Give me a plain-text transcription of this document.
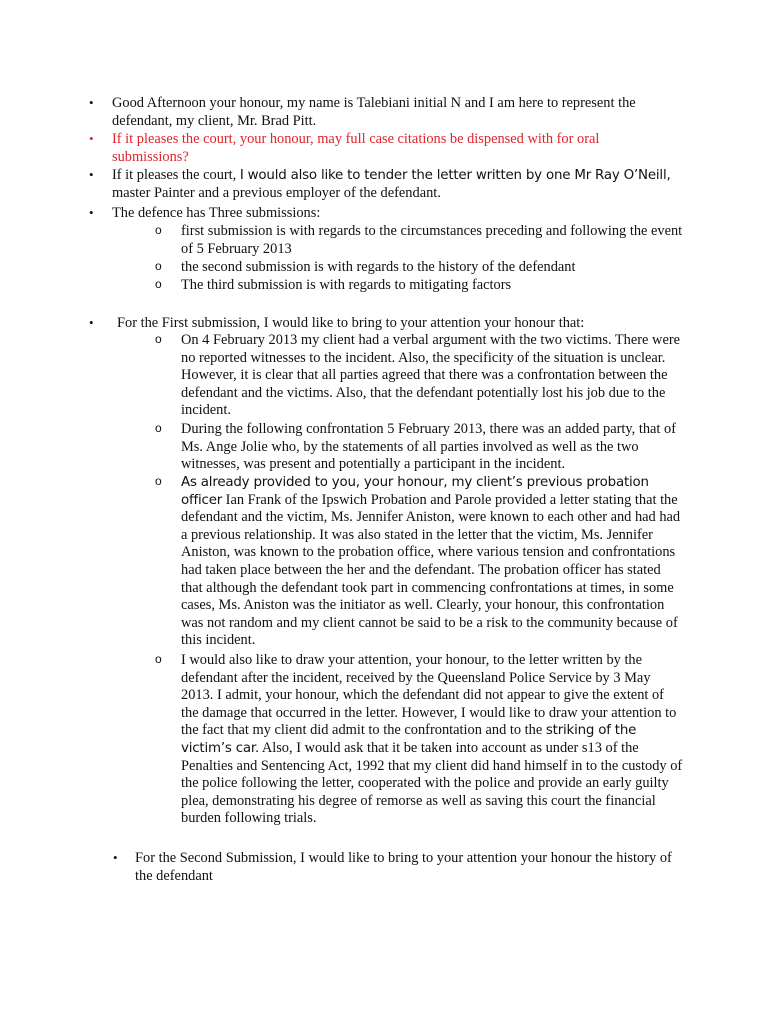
• Good Afternoon your honour, my name is Talebiani initial N and I am here to represent the defendant, my client, Mr. Brad Pitt.
• If it pleases the court, your honour, may full case citations be dispensed with for oral submissions?
• If it pleases the court, I would also like to tender the letter written by one Mr Ray O’Neill, master Painter and a previous employer of the defendant.
• The defence has Three submissions:
o first submission is with regards to the circumstances preceding and following the event of 5 February 2013
o the second submission is with regards to the history of the defendant
o The third submission is with regards to mitigating factors
• For the First submission, I would like to bring to your attention your honour that:
o On 4 February 2013 my client had a verbal argument with the two victims. There were no reported witnesses to the incident. Also, the specificity of the situation is unclear. However, it is clear that all parties agreed that there was a confrontation between the defendant and the victims. Also, that the defendant potentially lost his job due to the incident.
o During the following confrontation 5 February 2013, there was an added party, that of Ms. Ange Jolie who, by the statements of all parties involved as well as the two witnesses, was present and potentially a participant in the incident.
o As already provided to you, your honour, my client’s previous probation officer Ian Frank of the Ipswich Probation and Parole provided a letter stating that the defendant and the victim, Ms. Jennifer Aniston, were known to each other and had had a previous relationship. It was also stated in the letter that the victim, Ms. Jennifer Aniston, was known to the probation office, where various tension and confrontations had taken place between the her and the defendant. The probation officer has stated that although the defendant took part in commencing confrontations at times, in some cases, Ms. Aniston was the initiator as well. Clearly, your honour, this confrontation was not random and my client cannot be said to be a risk to the community because of this incident.
o I would also like to draw your attention, your honour, to the letter written by the defendant after the incident, received by the Queensland Police Service by 3 May 2013. I admit, your honour, which the defendant did not appear to give the extent of the damage that occurred in the letter. However, I would like to draw your attention to the fact that my client did admit to the confrontation and to the striking of the victim’s car. Also, I would ask that it be taken into account as under s13 of the Penalties and Sentencing Act, 1992 that my client did hand himself in to the custody of the police following the letter, cooperated with the police and provide an early guilty plea, demonstrating his degree of remorse as well as saving this court the financial burden following trials.
• For the Second Submission, I would like to bring to your attention your honour the history of the defendant
